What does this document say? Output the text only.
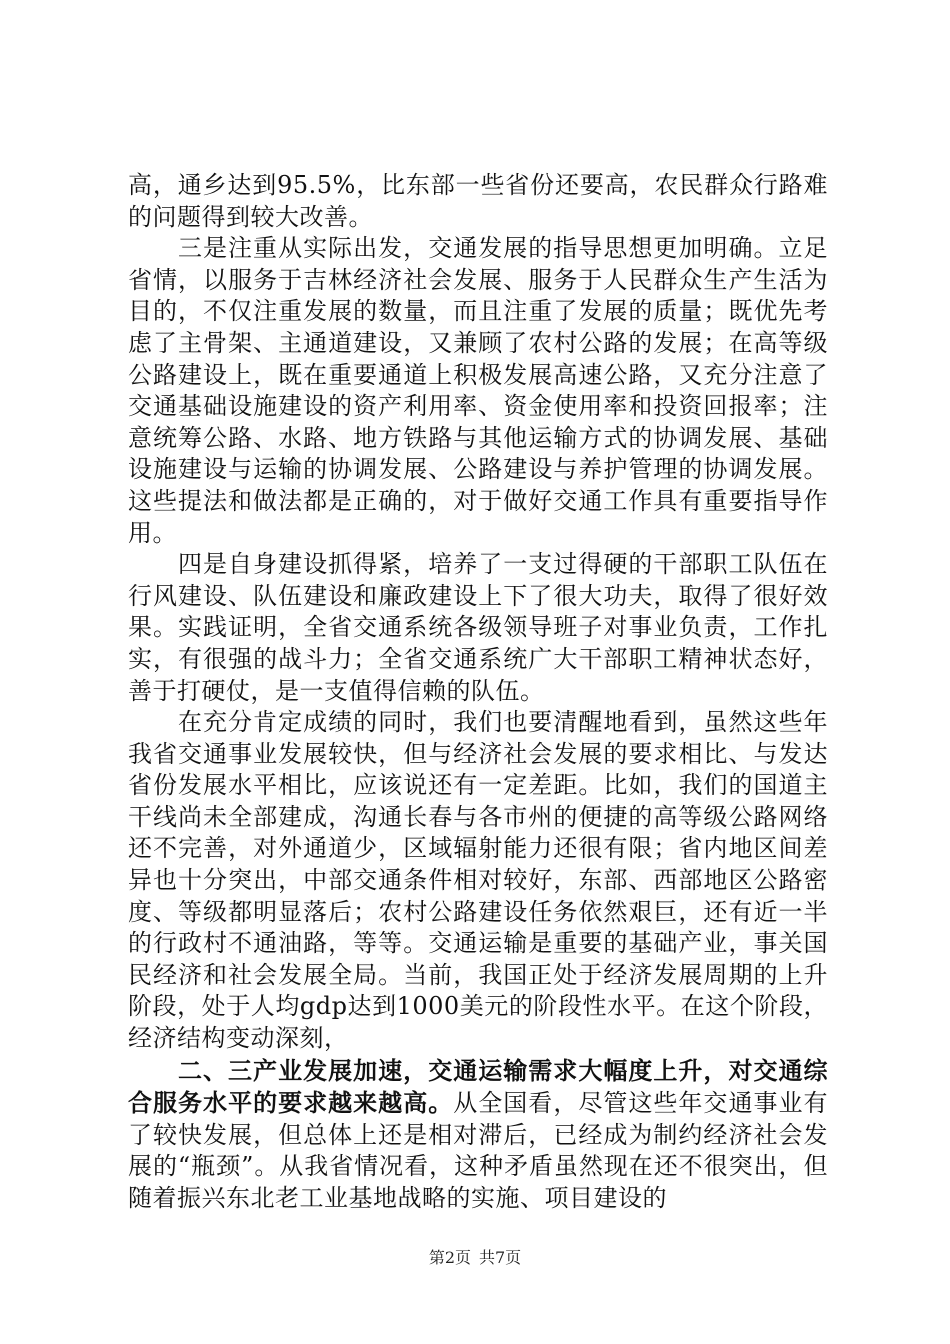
高，通乡达到95.5%，比东部一些省份还要高，农民群众行路难的问题得到较大改善。

三是注重从实际出发，交通发展的指导思想更加明确。立足省情，以服务于吉林经济社会发展、服务于人民群众生产生活为目的，不仅注重发展的数量，而且注重了发展的质量；既优先考虑了主骨架、主通道建设，又兼顾了农村公路的发展；在高等级公路建设上，既在重要通道上积极发展高速公路，又充分注意了交通基础设施建设的资产利用率、资金使用率和投资回报率；注意统筹公路、水路、地方铁路与其他运输方式的协调发展、基础设施建设与运输的协调发展、公路建设与养护管理的协调发展。这些提法和做法都是正确的，对于做好交通工作具有重要指导作用。

四是自身建设抓得紧，培养了一支过得硬的干部职工队伍在行风建设、队伍建设和廉政建设上下了很大功夫，取得了很好效果。实践证明，全省交通系统各级领导班子对事业负责，工作扎实，有很强的战斗力；全省交通系统广大干部职工精神状态好，善于打硬仗，是一支值得信赖的队伍。

在充分肯定成绩的同时，我们也要清醒地看到，虽然这些年我省交通事业发展较快，但与经济社会发展的要求相比、与发达省份发展水平相比，应该说还有一定差距。比如，我们的国道主干线尚未全部建成，沟通长春与各市州的便捷的高等级公路网络还不完善，对外通道少，区域辐射能力还很有限；省内地区间差异也十分突出，中部交通条件相对较好，东部、西部地区公路密度、等级都明显落后；农村公路建设任务依然艰巨，还有近一半的行政村不通油路，等等。交通运输是重要的基础产业，事关国民经济和社会发展全局。当前，我国正处于经济发展周期的上升阶段，处于人均gdp达到1000美元的阶段性水平。在这个阶段，经济结构变动深刻，

二、三产业发展加速，交通运输需求大幅度上升，对交通综合服务水平的要求越来越高。从全国看，尽管这些年交通事业有了较快发展，但总体上还是相对滞后，已经成为制约经济社会发展的“瓶颈”。从我省情况看，这种矛盾虽然现在还不很突出，但随着振兴东北老工业基地战略的实施、项目建设的

第2页 共7页
